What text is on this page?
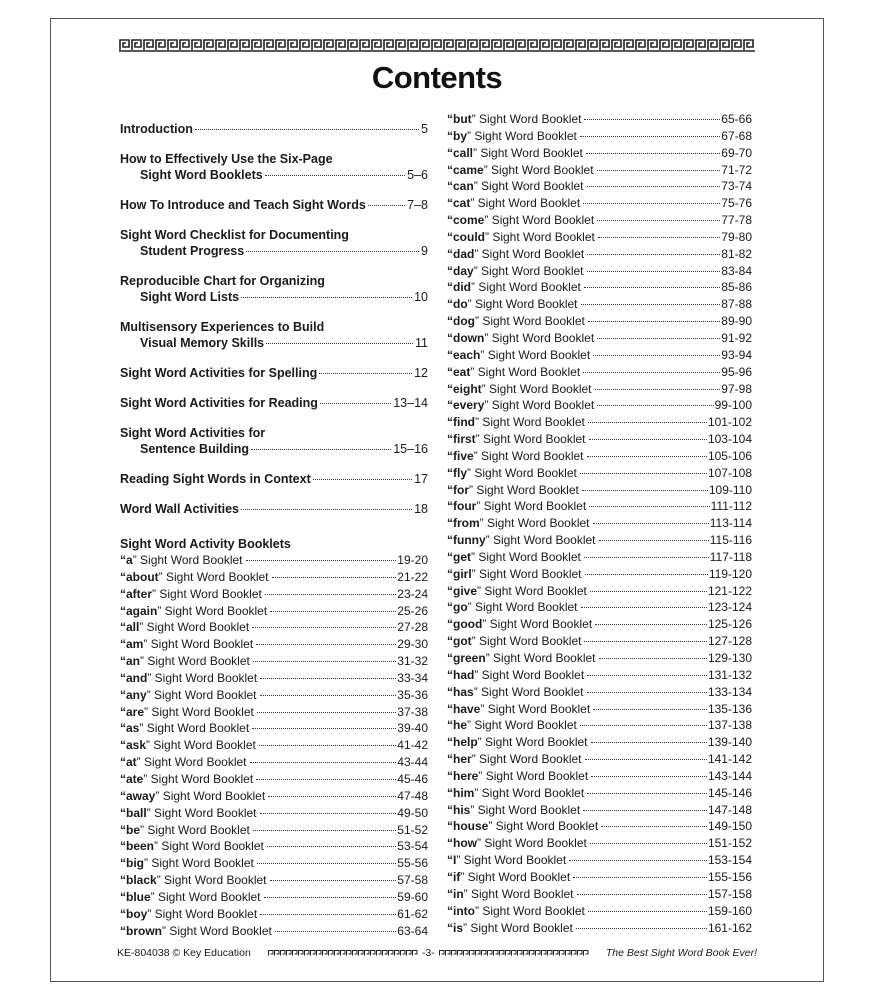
Contents
Introduction	5
How to Effectively Use the Six-Page
Sight Word Booklets	5–6
How To Introduce and Teach Sight Words	7–8
Sight Word Checklist for Documenting
Student Progress	9
Reproducible Chart for Organizing
Sight Word Lists	10
Multisensory Experiences to Build
Visual Memory Skills	11
Sight Word Activities for Spelling	12
Sight Word Activities for Reading	13–14
Sight Word Activities for
Sentence Building	15–16
Reading Sight Words in Context	17
Word Wall Activities	18
Sight Word Activity Booklets
“a ” Sight Word Booklet	19-20
“about ” Sight Word Booklet	21-22
“after ” Sight Word Booklet	23-24
“again ” Sight Word Booklet	25-26
“all ” Sight Word Booklet	27-28
“am ” Sight Word Booklet	29-30
“an ” Sight Word Booklet	31-32
“and ” Sight Word Booklet	33-34
“any ” Sight Word Booklet	35-36
“are ” Sight Word Booklet	37-38
“as ” Sight Word Booklet	39-40
“ask ” Sight Word Booklet	41-42
“at ” Sight Word Booklet	43-44
“ate ” Sight Word Booklet	45-46
“away ” Sight Word Booklet	47-48
“ball ” Sight Word Booklet	49-50
“be ” Sight Word Booklet	51-52
“been ” Sight Word Booklet	53-54
“big ” Sight Word Booklet	55-56
“black ” Sight Word Booklet	57-58
“blue ” Sight Word Booklet	59-60
“boy ” Sight Word Booklet	61-62
“brown ” Sight Word Booklet	63-64
“but ” Sight Word Booklet	65-66
“by ” Sight Word Booklet	67-68
“call ” Sight Word Booklet	69-70
“came ” Sight Word Booklet	71-72
“can ” Sight Word Booklet	73-74
“cat ” Sight Word Booklet	75-76
“come ” Sight Word Booklet	77-78
“could ” Sight Word Booklet	79-80
“dad ” Sight Word Booklet	81-82
“day ” Sight Word Booklet	83-84
“did ” Sight Word Booklet	85-86
“do ” Sight Word Booklet	87-88
“dog ” Sight Word Booklet	89-90
“down ” Sight Word Booklet	91-92
“each ” Sight Word Booklet	93-94
“eat ” Sight Word Booklet	95-96
“eight ” Sight Word Booklet	97-98
“every ” Sight Word Booklet	99-100
“find ” Sight Word Booklet	101-102
“first ” Sight Word Booklet	103-104
“five ” Sight Word Booklet	105-106
“fly ” Sight Word Booklet	107-108
“for ” Sight Word Booklet	109-110
“four ” Sight Word Booklet	111-112
“from ” Sight Word Booklet	113-114
“funny ” Sight Word Booklet	115-116
“get ” Sight Word Booklet	117-118
“girl ” Sight Word Booklet	119-120
“give ” Sight Word Booklet	121-122
“go ” Sight Word Booklet	123-124
“good ” Sight Word Booklet	125-126
“got ” Sight Word Booklet	127-128
“green ” Sight Word Booklet	129-130
“had ” Sight Word Booklet	131-132
“has ” Sight Word Booklet	133-134
“have ” Sight Word Booklet	135-136
“he ” Sight Word Booklet	137-138
“help ” Sight Word Booklet	139-140
“her ” Sight Word Booklet	141-142
“here ” Sight Word Booklet	143-144
“him ” Sight Word Booklet	145-146
“his ” Sight Word Booklet	147-148
“house ” Sight Word Booklet	149-150
“how ” Sight Word Booklet	151-152
“I ” Sight Word Booklet	153-154
“if ” Sight Word Booklet	155-156
“in ” Sight Word Booklet	157-158
“into ” Sight Word Booklet	159-160
“is ” Sight Word Booklet	161-162
KE-804038 © Key Education	-3-	The Best Sight Word Book Ever!
